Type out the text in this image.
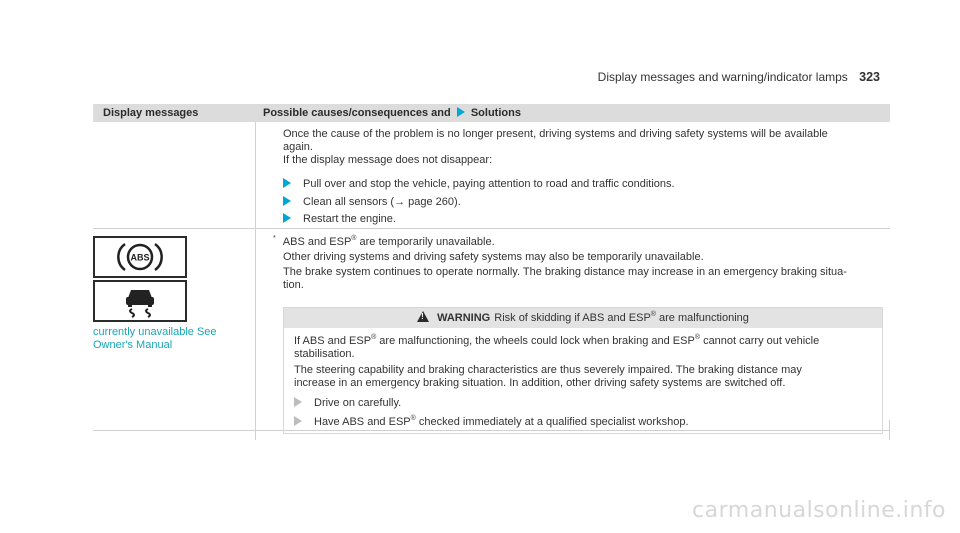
Display messages and warning/indicator lamps 323
Display messages	Possible causes/consequences and Solutions
Once the cause of the problem is no longer present, driving systems and driving safety systems will be available
again.
If the display message does not disappear:
Pull over and stop the vehicle, paying attention to road and traffic conditions.
Clean all sensors (→ page 260).
Restart the engine.
ABS
currently unavailable See
Owner's Manual
* ABS and ESP® are temporarily unavailable.
Other driving systems and driving safety systems may also be temporarily unavailable.
The brake system continues to operate normally. The braking distance may increase in an emergency braking situa-
tion.
!WARNING Risk of skidding if ABS and ESP® are malfunctioning
If ABS and ESP® are malfunctioning, the wheels could lock when braking and ESP® cannot carry out vehicle
stabilisation.
The steering capability and braking characteristics are thus severely impaired. The braking distance may
increase in an emergency braking situation. In addition, other driving safety systems are switched off.
Drive on carefully.
Have ABS and ESP® checked immediately at a qualified specialist workshop.
carmanualsonline.info
